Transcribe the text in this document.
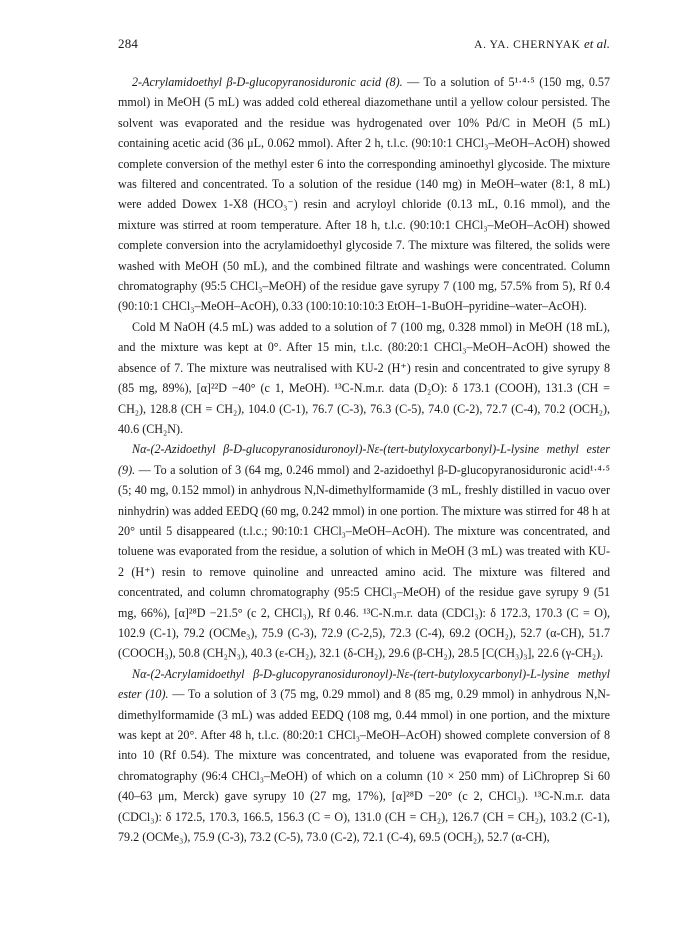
284	A. YA. CHERNYAK et al.

2-Acrylamidoethyl β-D-glucopyranosiduronic acid (8). — To a solution of 5¹·⁴·⁵ (150 mg, 0.57 mmol) in MeOH (5 mL) was added cold ethereal diazomethane until a yellow colour persisted. The solvent was evaporated and the residue was hydrogenated over 10% Pd/C in MeOH (5 mL) containing acetic acid (36 μL, 0.062 mmol). After 2 h, t.l.c. (90:10:1 CHCl₃–MeOH–AcOH) showed complete conversion of the methyl ester 6 into the corresponding aminoethyl glycoside. The mixture was filtered and concentrated. To a solution of the residue (140 mg) in MeOH–water (8:1, 8 mL) were added Dowex 1-X8 (HCO₃⁻) resin and acryloyl chloride (0.13 mL, 0.16 mmol), and the mixture was stirred at room temperature. After 18 h, t.l.c. (90:10:1 CHCl₃–MeOH–AcOH) showed complete conversion into the acrylamidoethyl glycoside 7. The mixture was filtered, the solids were washed with MeOH (50 mL), and the combined filtrate and washings were concentrated. Column chromatography (95:5 CHCl₃–MeOH) of the residue gave syrupy 7 (100 mg, 57.5% from 5), Rf 0.4 (90:10:1 CHCl₃–MeOH–AcOH), 0.33 (100:10:10:10:3 EtOH–1-BuOH–pyridine–water–AcOH).

Cold M NaOH (4.5 mL) was added to a solution of 7 (100 mg, 0.328 mmol) in MeOH (18 mL), and the mixture was kept at 0°. After 15 min, t.l.c. (80:20:1 CHCl₃–MeOH–AcOH) showed the absence of 7. The mixture was neutralised with KU-2 (H⁺) resin and concentrated to give syrupy 8 (85 mg, 89%), [α]²²D −40° (c 1, MeOH). ¹³C-N.m.r. data (D₂O): δ 173.1 (COOH), 131.3 (CH = CH₂), 128.8 (CH = CH₂), 104.0 (C-1), 76.7 (C-3), 76.3 (C-5), 74.0 (C-2), 72.7 (C-4), 70.2 (OCH₂), 40.6 (CH₂N).

Nα-(2-Azidoethyl β-D-glucopyranosiduronoyl)-Nε-(tert-butyloxycarbonyl)-L-lysine methyl ester (9). — To a solution of 3 (64 mg, 0.246 mmol) and 2-azidoethyl β-D-glucopyranosiduronic acid¹·⁴·⁵ (5; 40 mg, 0.152 mmol) in anhydrous N,N-dimethylformamide (3 mL, freshly distilled in vacuo over ninhydrin) was added EEDQ (60 mg, 0.242 mmol) in one portion. The mixture was stirred for 48 h at 20° until 5 disappeared (t.l.c.; 90:10:1 CHCl₃–MeOH–AcOH). The mixture was concentrated, and toluene was evaporated from the residue, a solution of which in MeOH (3 mL) was treated with KU-2 (H⁺) resin to remove quinoline and unreacted amino acid. The mixture was filtered and concentrated, and column chromatography (95:5 CHCl₃–MeOH) of the residue gave syrupy 9 (51 mg, 66%), [α]²⁸D −21.5° (c 2, CHCl₃), Rf 0.46. ¹³C-N.m.r. data (CDCl₃): δ 172.3, 170.3 (C = O), 102.9 (C-1), 79.2 (OCMe₃), 75.9 (C-3), 72.9 (C-2,5), 72.3 (C-4), 69.2 (OCH₂), 52.7 (α-CH), 51.7 (COOCH₃), 50.8 (CH₂N₃), 40.3 (ε-CH₂), 32.1 (δ-CH₂), 29.6 (β-CH₂), 28.5 [C(CH₃)₃], 22.6 (γ-CH₂).

Nα-(2-Acrylamidoethyl β-D-glucopyranosiduronoyl)-Nε-(tert-butyloxycarbonyl)-L-lysine methyl ester (10). — To a solution of 3 (75 mg, 0.29 mmol) and 8 (85 mg, 0.29 mmol) in anhydrous N,N-dimethylformamide (3 mL) was added EEDQ (108 mg, 0.44 mmol) in one portion, and the mixture was kept at 20°. After 48 h, t.l.c. (80:20:1 CHCl₃–MeOH–AcOH) showed complete conversion of 8 into 10 (Rf 0.54). The mixture was concentrated, and toluene was evaporated from the residue, chromatography (96:4 CHCl₃–MeOH) of which on a column (10 × 250 mm) of LiChroprep Si 60 (40–63 μm, Merck) gave syrupy 10 (27 mg, 17%), [α]²⁸D −20° (c 2, CHCl₃). ¹³C-N.m.r. data (CDCl₃): δ 172.5, 170.3, 166.5, 156.3 (C = O), 131.0 (CH = CH₂), 126.7 (CH = CH₂), 103.2 (C-1), 79.2 (OCMe₃), 75.9 (C-3), 73.2 (C-5), 73.0 (C-2), 72.1 (C-4), 69.5 (OCH₂), 52.7 (α-CH),
